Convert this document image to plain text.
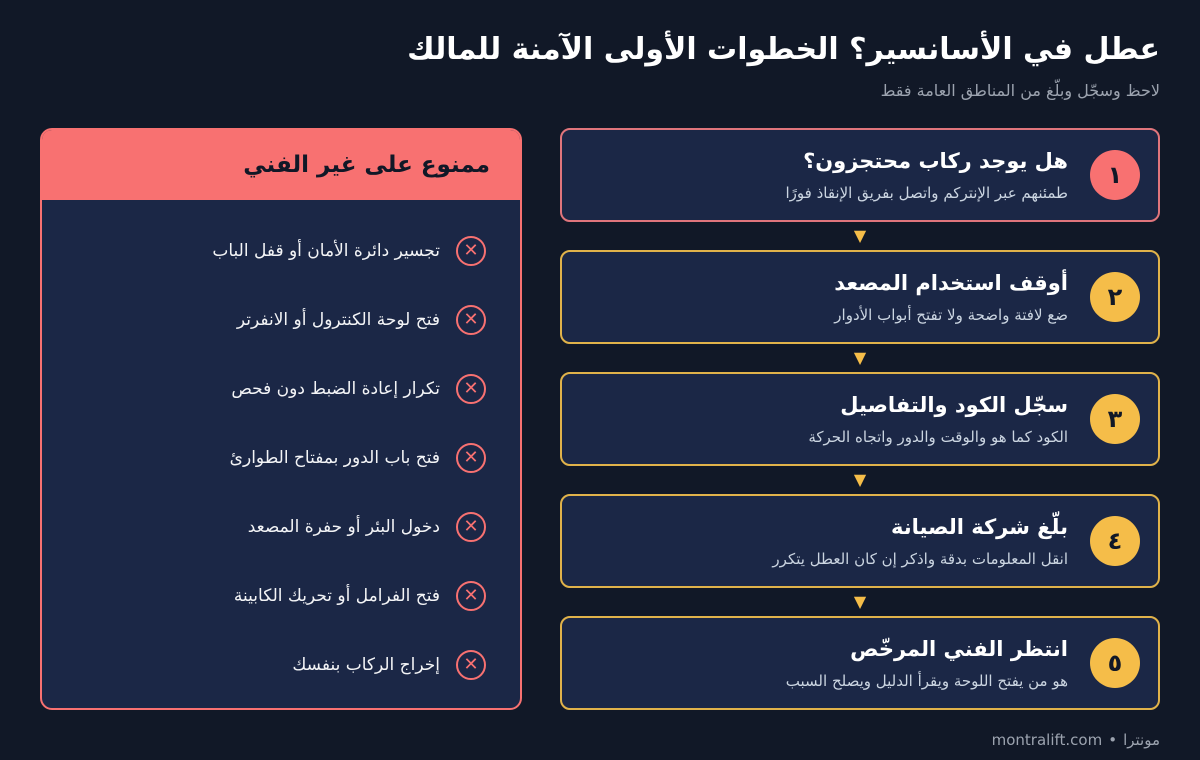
عطل في الأسانسير؟ الخطوات الأولى الآمنة للمالك
لاحظ وسجّل وبلّغ من المناطق العامة فقط
١
هل يوجد ركاب محتجزون؟
طمئنهم عبر الإنتركم واتصل بفريق الإنقاذ فورًا
▼
٢
أوقف استخدام المصعد
ضع لافتة واضحة ولا تفتح أبواب الأدوار
▼
٣
سجّل الكود والتفاصيل
الكود كما هو والوقت والدور واتجاه الحركة
▼
٤
بلّغ شركة الصيانة
انقل المعلومات بدقة واذكر إن كان العطل يتكرر
▼
٥
انتظر الفني المرخّص
هو من يفتح اللوحة ويقرأ الدليل ويصلح السبب
ممنوع على غير الفني
✕
تجسير دائرة الأمان أو قفل الباب
✕
فتح لوحة الكنترول أو الانفرتر
✕
تكرار إعادة الضبط دون فحص
✕
فتح باب الدور بمفتاح الطوارئ
✕
دخول البئر أو حفرة المصعد
✕
فتح الفرامل أو تحريك الكابينة
✕
إخراج الركاب بنفسك
مونترا•montralift.com
